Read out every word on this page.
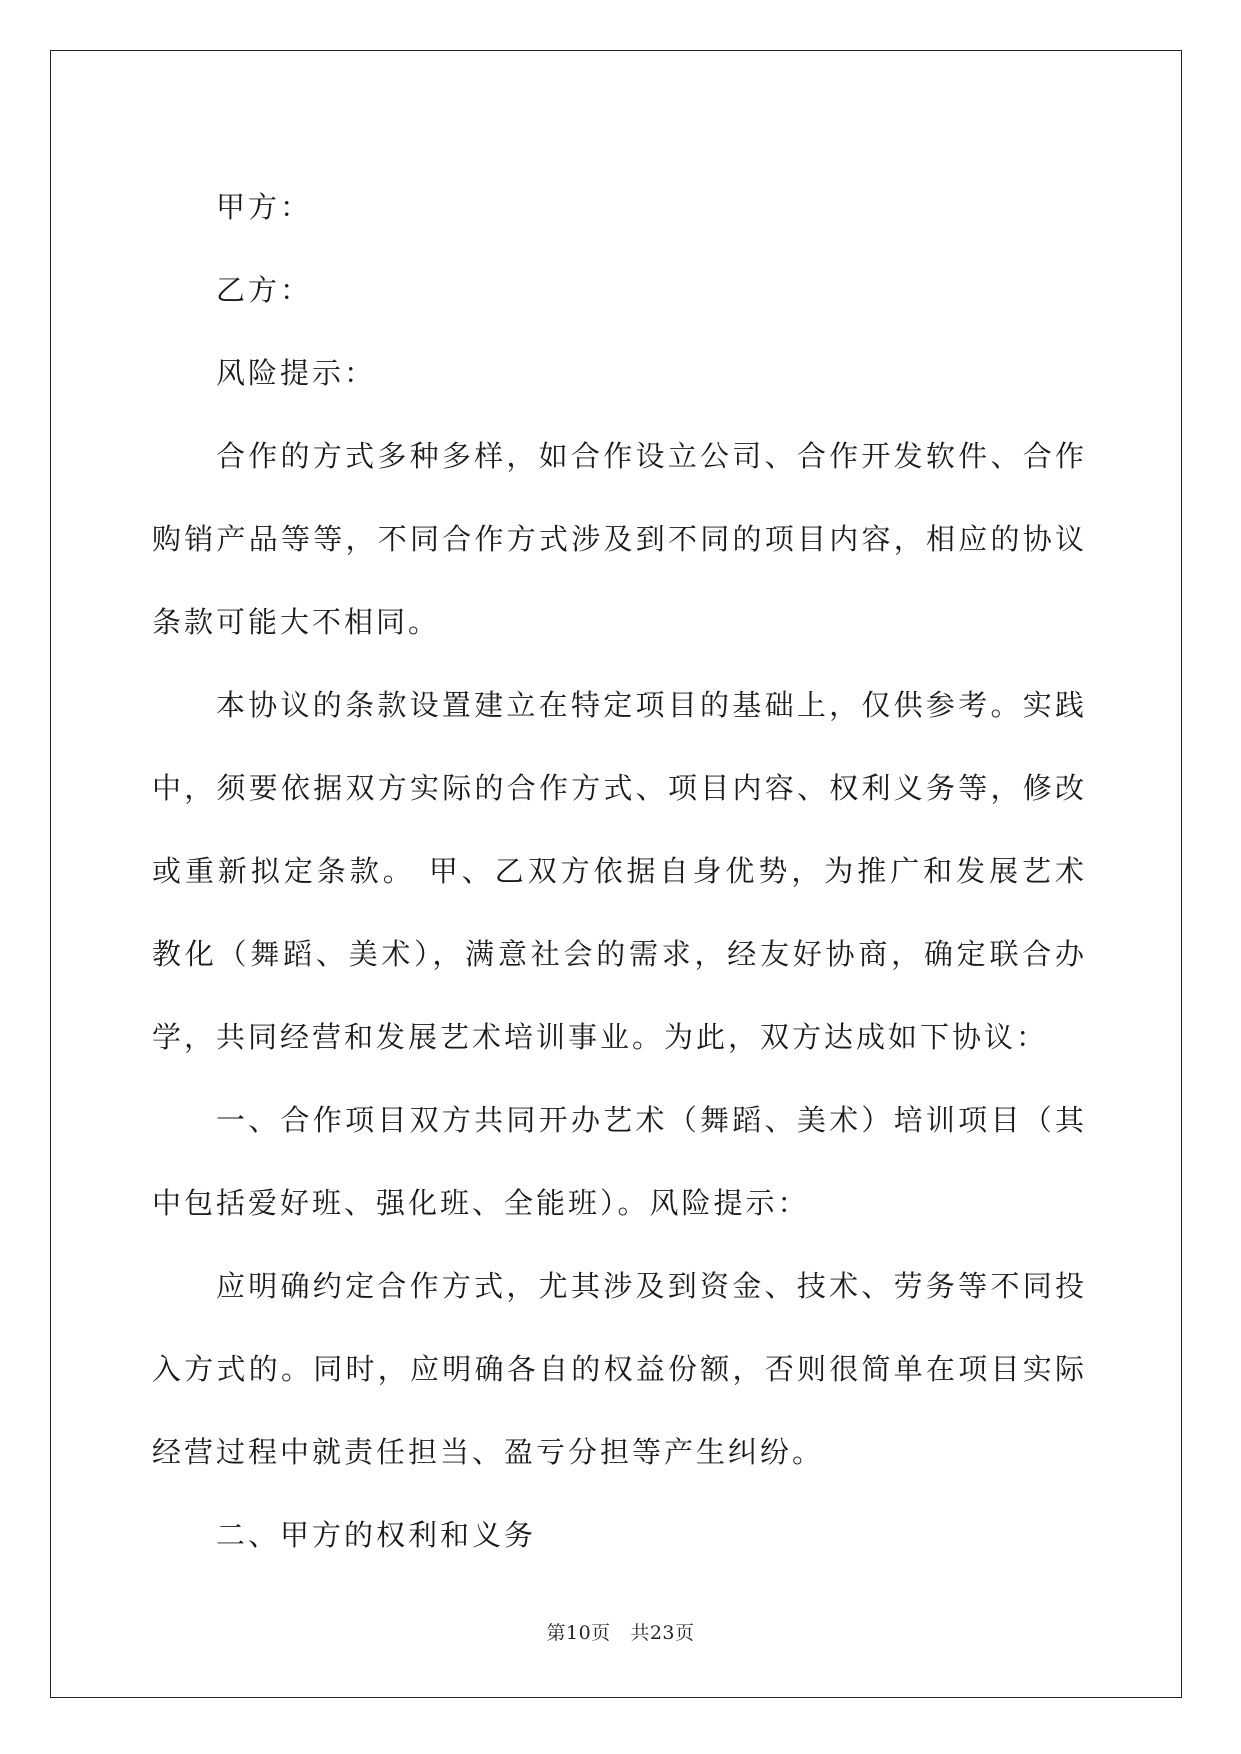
甲方：

乙方：

风险提示：

合作的方式多种多样，如合作设立公司、合作开发软件、合作购销产品等等，不同合作方式涉及到不同的项目内容，相应的协议条款可能大不相同。

本协议的条款设置建立在特定项目的基础上，仅供参考。实践中，须要依据双方实际的合作方式、项目内容、权利义务等，修改或重新拟定条款。 甲、乙双方依据自身优势，为推广和发展艺术教化（舞蹈、美术），满意社会的需求，经友好协商，确定联合办学，共同经营和发展艺术培训事业。为此，双方达成如下协议：

一、合作项目双方共同开办艺术（舞蹈、美术）培训项目（其中包括爱好班、强化班、全能班）。风险提示：

应明确约定合作方式，尤其涉及到资金、技术、劳务等不同投入方式的。同时，应明确各自的权益份额，否则很简单在项目实际经营过程中就责任担当、盈亏分担等产生纠纷。

二、甲方的权利和义务

第10页 共23页
